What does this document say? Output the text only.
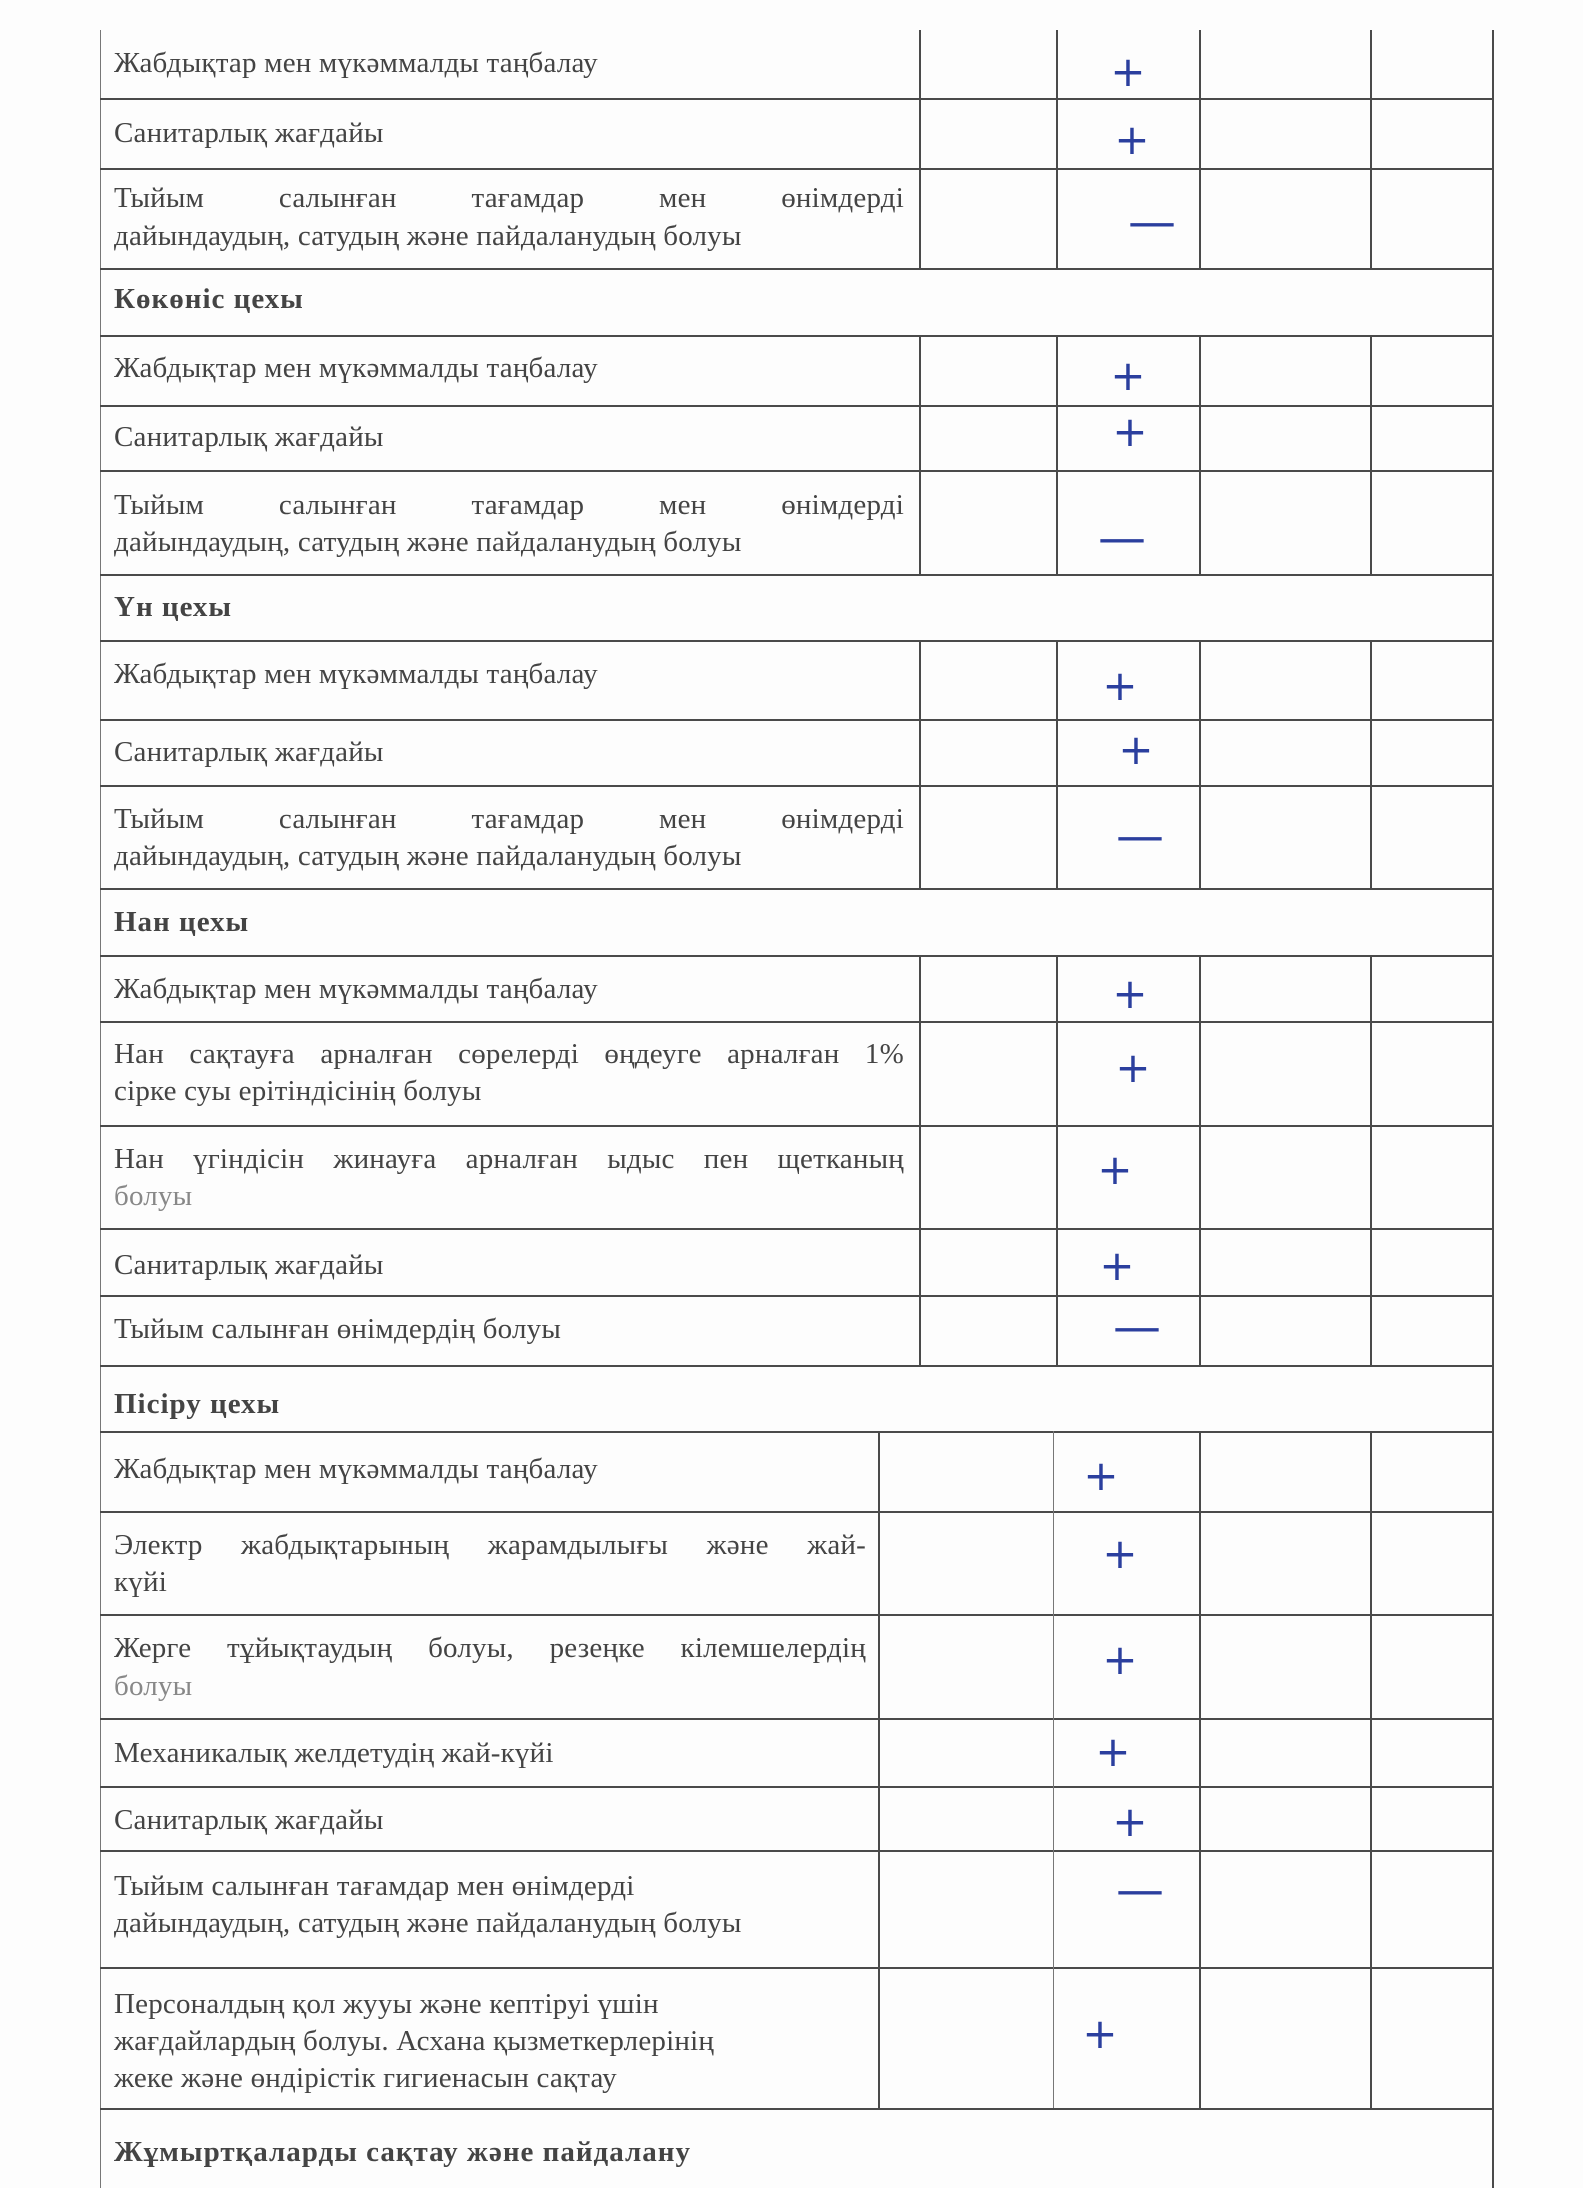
Көкөніс цехы
Үн цехы
Нан цехы
Пісіру цехы
Жұмыртқаларды сақтау және пайдалану
Жабдықтар мен мүкәммалды таңбалау
Санитарлық жағдайы
Тыйым салынған тағамдар мен өнімдерді
дайындаудың, сатудың және пайдаланудың болуы
Жабдықтар мен мүкәммалды таңбалау
Санитарлық жағдайы
Тыйым салынған тағамдар мен өнімдерді
дайындаудың, сатудың және пайдаланудың болуы
Жабдықтар мен мүкәммалды таңбалау
Санитарлық жағдайы
Тыйым салынған тағамдар мен өнімдерді
дайындаудың, сатудың және пайдаланудың болуы
Жабдықтар мен мүкәммалды таңбалау
Нан сақтауға арналған сөрелерді өңдеуге арналған 1%
сірке суы ерітіндісінің болуы
Нан үгіндісін жинауға арналған ыдыс пен щетканың
болуы
Санитарлық жағдайы
Тыйым салынған өнімдердің болуы
Жабдықтар мен мүкәммалды таңбалау
Электр жабдықтарының жарамдылығы және жай-
күйі
Жерге тұйықтаудың болуы, резеңке кілемшелердің
болуы
Механикалық желдетудің жай-күйі
Санитарлық жағдайы
Тыйым салынған тағамдар мен өнімдерді
дайындаудың, сатудың және пайдаланудың болуы
Персоналдың қол жууы және кептіруі үшін
жағдайлардың болуы. Асхана қызметкерлерінің
жеке және өндірістік гигиенасын сақтау
+
+
—
+
+
—
+
+
—
+
+
+
+
—
+
+
+
+
+
—
+
